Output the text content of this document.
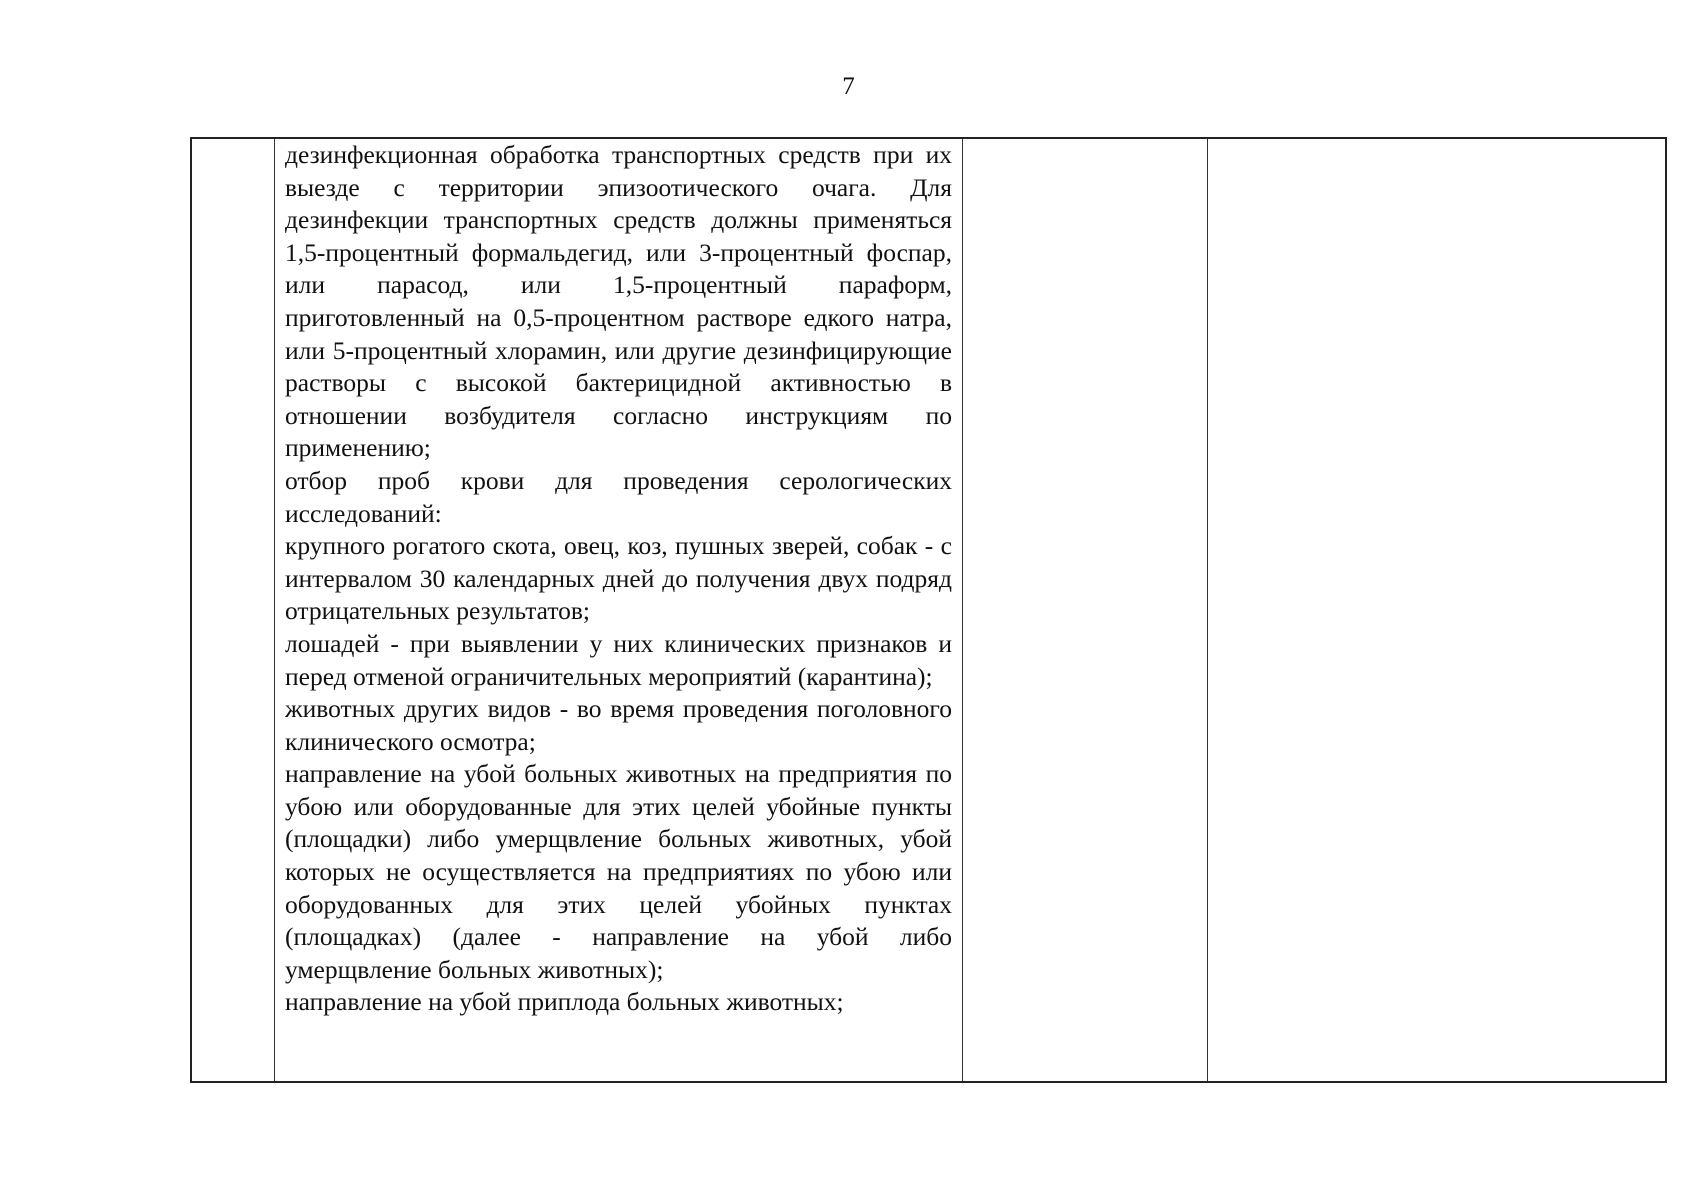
7

дезинфекционная обработка транспортных средств при их выезде с территории эпизоотического очага. Для дезинфекции транспортных средств должны применяться 1,5-процентный формальдегид, или 3-процентный фоспар, или парасод, или 1,5-процентный параформ, приготовленный на 0,5-процентном растворе едкого натра, или 5-процентный хлорамин, или другие дезинфицирующие растворы с высокой бактерицидной активностью в отношении возбудителя согласно инструкциям по применению;

отбор проб крови для проведения серологических исследований:

крупного рогатого скота, овец, коз, пушных зверей, собак - с интервалом 30 календарных дней до получения двух подряд отрицательных результатов;

лошадей - при выявлении у них клинических признаков и перед отменой ограничительных мероприятий (карантина);

животных других видов - во время проведения поголовного клинического осмотра;

направление на убой больных животных на предприятия по убою или оборудованные для этих целей убойные пункты (площадки) либо умерщвление больных животных, убой которых не осуществляется на предприятиях по убою или оборудованных для этих целей убойных пунктах (площадках) (далее - направление на убой либо умерщвление больных животных);

направление на убой приплода больных животных;
